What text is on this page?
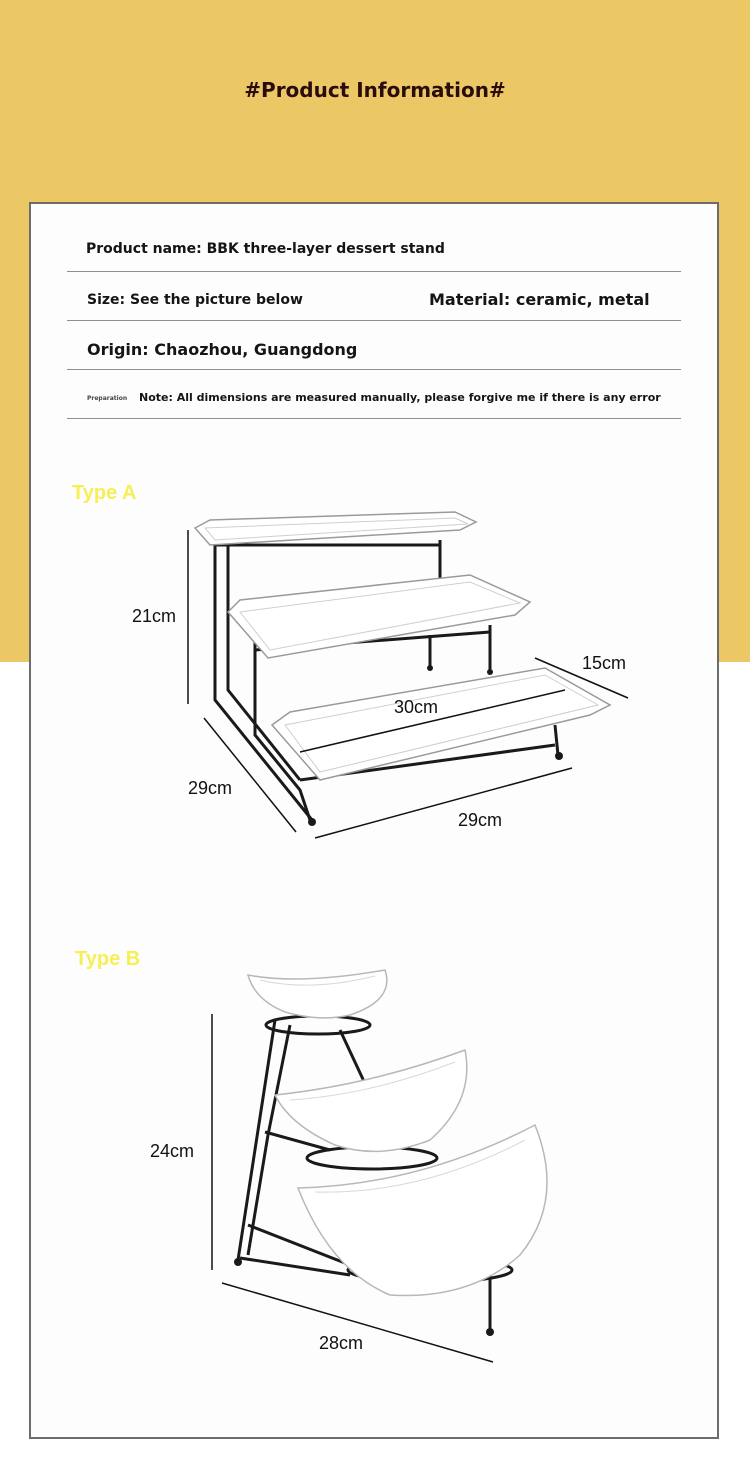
#Product Information#
Product name: BBK three-layer dessert stand
Size: See the picture below	Material: ceramic, metal
Origin: Chaozhou, Guangdong
Preparation Note: All dimensions are measured manually, please forgive me if there is any error
Type A
21cm
15cm
30cm
29cm
29cm
Type B
24cm
28cm
